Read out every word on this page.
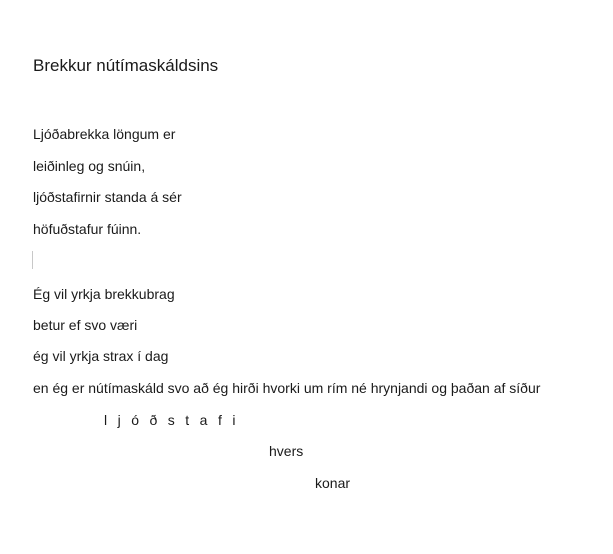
Brekkur nútímaskáldsins
Ljóðabrekka löngum er
leiðinleg og snúin,
ljóðstafirnir standa á sér
höfuðstafur fúinn.
Ég vil yrkja brekkubrag
betur ef svo væri
ég vil yrkja strax í dag
en ég er nútímaskáld svo að ég hirði hvorki um rím né hrynjandi og þaðan af síður
ljóðstafi
hvers
konar
